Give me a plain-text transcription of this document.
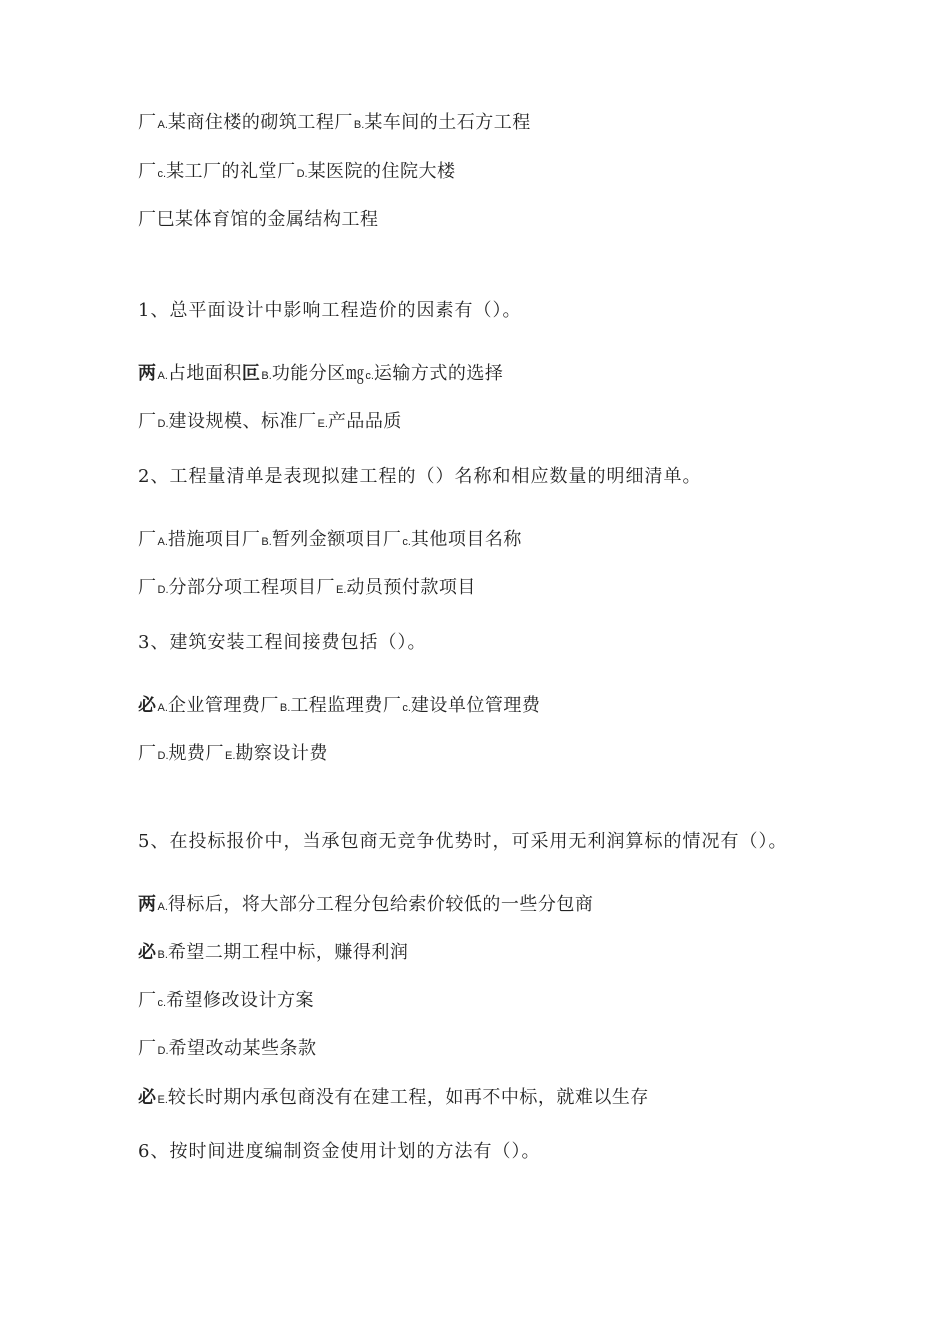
厂A.某商住楼的砌筑工程厂B.某车间的土石方工程
厂c.某工厂的礼堂厂D.某医院的住院大楼
厂巳某体育馆的金属结构工程
1、总平面设计中影响工程造价的因素有（）。
两A.占地面积叵B.功能分区㎎c.运输方式的选择
厂D.建设规模、标准厂E.产品品质
2、工程量清单是表现拟建工程的（）名称和相应数量的明细清单。
厂A.措施项目厂B.暂列金额项目厂c.其他项目名称
厂D.分部分项工程项目厂E.动员预付款项目
3、建筑安装工程间接费包括（）。
必A.企业管理费厂B.工程监理费厂c.建设单位管理费
厂D.规费厂E.勘察设计费
5、在投标报价中，当承包商无竞争优势时，可采用无利润算标的情况有（）。
两A.得标后，将大部分工程分包给索价较低的一些分包商
必B.希望二期工程中标，赚得利润
厂c.希望修改设计方案
厂D.希望改动某些条款
必E.较长时期内承包商没有在建工程，如再不中标，就难以生存
6、按时间进度编制资金使用计划的方法有（）。
